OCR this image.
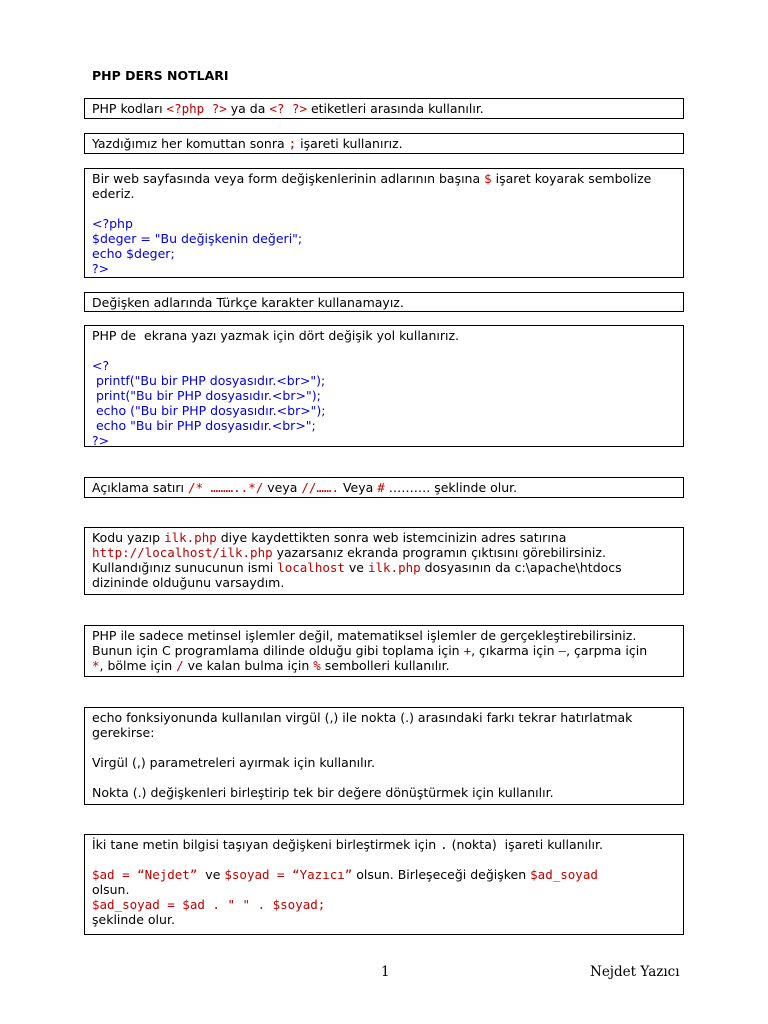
PHP DERS NOTLARI
PHP kodları <?php ?> ya da <? ?> etiketleri arasında kullanılır.
Yazdığımız her komuttan sonra ; işareti kullanırız.
Bir web sayfasında veya form değişkenlerinin adlarının başına $ işaret koyarak sembolize ederiz.
<?php
$deger = "Bu değişkenin değeri";
echo $deger;
?>
Değişken adlarında Türkçe karakter kullanamayız.
PHP de  ekrana yazı yazmak için dört değişik yol kullanırız.
<?
printf("Bu bir PHP dosyasıdır.<br>");
print("Bu bir PHP dosyasıdır.<br>");
echo ("Bu bir PHP dosyasıdır.<br>");
echo "Bu bir PHP dosyasıdır.<br>";
?>
Açıklama satırı /* ………..*/ veya //……. Veya # ………. şeklinde olur.
Kodu yazıp ilk.php diye kaydettikten sonra web istemcinizin adres satırına
http://localhost/ilk.php yazarsanız ekranda programın çıktısını görebilirsiniz.
Kullandığınız sunucunun ismi localhost ve ilk.php dosyasının da c:\apache\htdocs
dizininde olduğunu varsaydım.
PHP ile sadece metinsel işlemler değil, matematiksel işlemler de gerçekleştirebilirsiniz.
Bunun için C programlama dilinde olduğu gibi toplama için +, çıkarma için –, çarpma için
*, bölme için / ve kalan bulma için % sembolleri kullanılır.
echo fonksiyonunda kullanılan virgül (,) ile nokta (.) arasındaki farkı tekrar hatırlatmak gerekirse:
Virgül (,) parametreleri ayırmak için kullanılır.
Nokta (.) değişkenleri birleştirip tek bir değere dönüştürmek için kullanılır.
İki tane metin bilgisi taşıyan değişkeni birleştirmek için . (nokta)  işareti kullanılır.
$ad = “Nejdet”  ve $soyad = “Yazıcı” olsun. Birleşeceği değişken $ad_soyad
olsun.
$ad_soyad = $ad . " " . $soyad;
şeklinde olur.
1	Nejdet Yazıcı
